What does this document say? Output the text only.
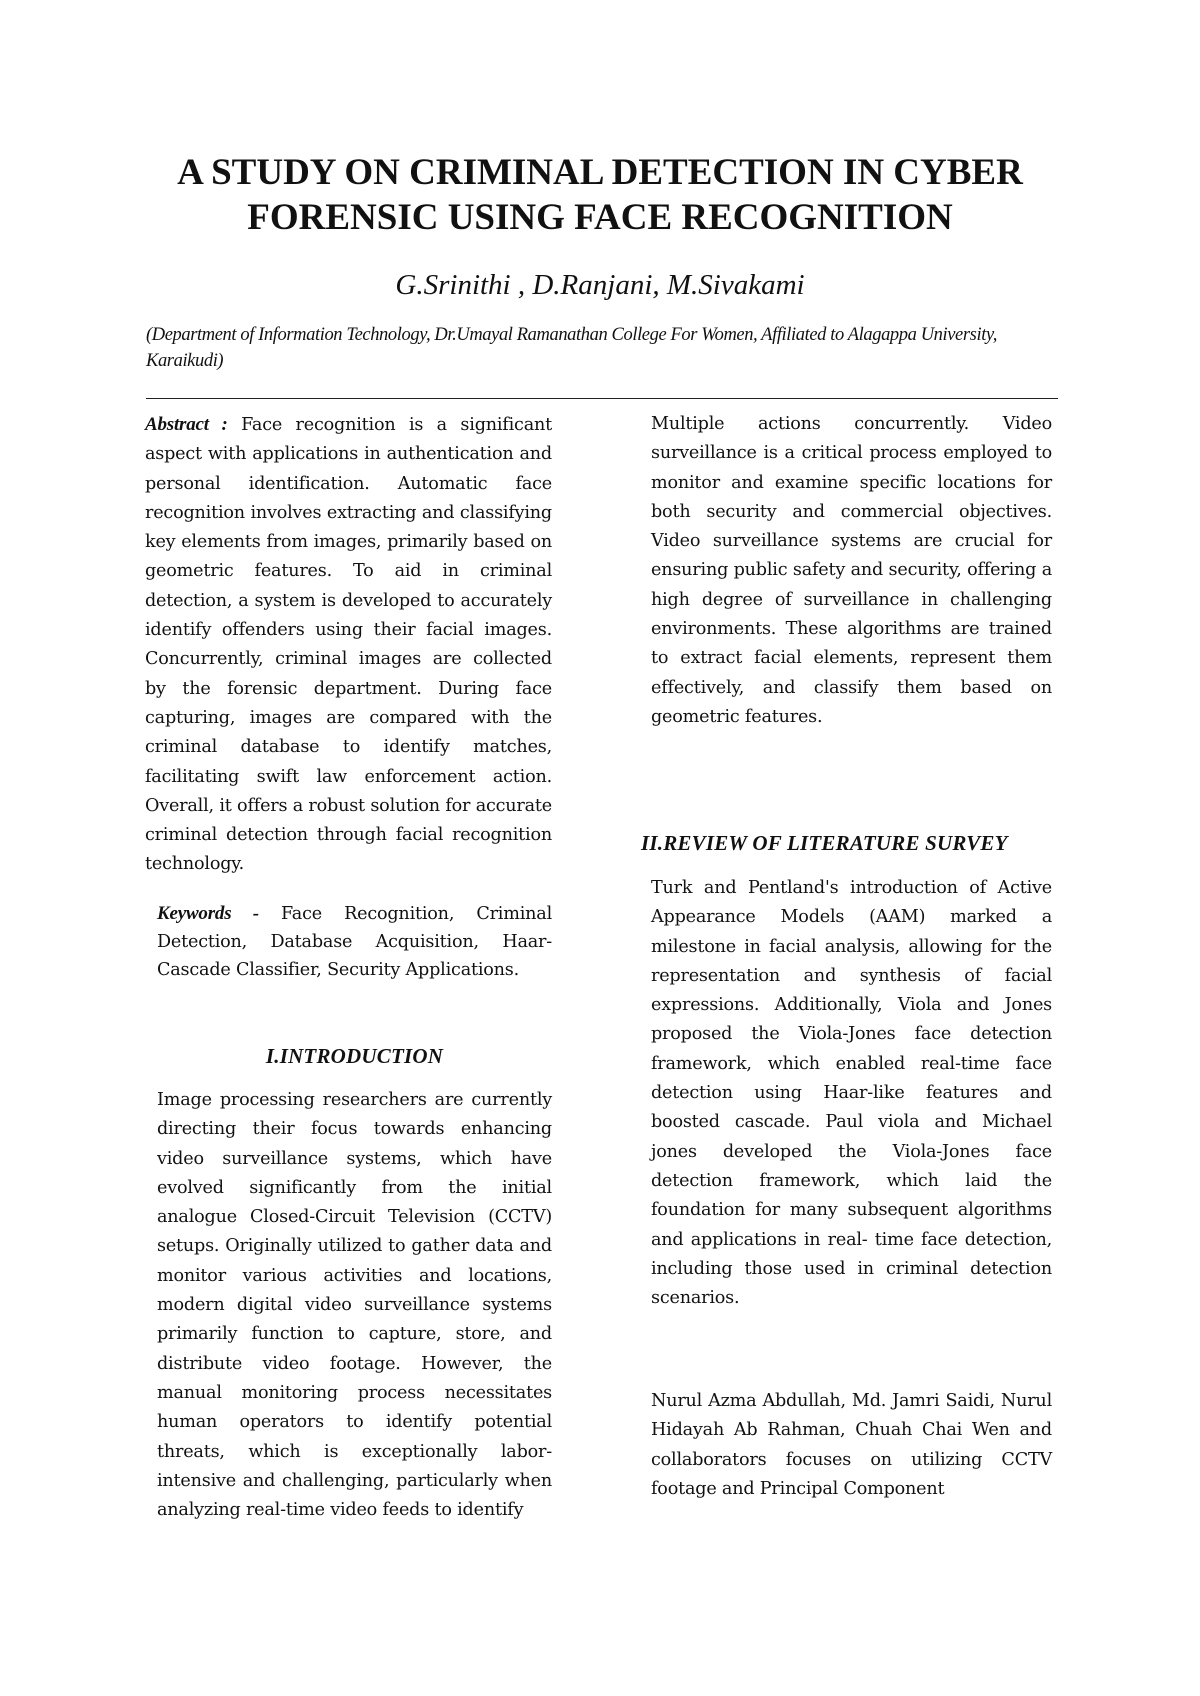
A STUDY ON CRIMINAL DETECTION IN CYBER FORENSIC USING FACE RECOGNITION
G.Srinithi , D.Ranjani, M.Sivakami
(Department of Information Technology, Dr.Umayal Ramanathan College For Women, Affiliated to Alagappa University, Karaikudi)

Abstract : Face recognition is a significant aspect with applications in authentication and personal identification. Automatic face recognition involves extracting and classifying key elements from images, primarily based on geometric features. To aid in criminal detection, a system is developed to accurately identify offenders using their facial images. Concurrently, criminal images are collected by the forensic department. During face capturing, images are compared with the criminal database to identify matches, facilitating swift law enforcement action. Overall, it offers a robust solution for accurate criminal detection through facial recognition technology.

Keywords - Face Recognition, Criminal Detection, Database Acquisition, Haar-Cascade Classifier, Security Applications.

I.INTRODUCTION

Image processing researchers are currently directing their focus towards enhancing video surveillance systems, which have evolved significantly from the initial analogue Closed-Circuit Television (CCTV) setups. Originally utilized to gather data and monitor various activities and locations, modern digital video surveillance systems primarily function to capture, store, and distribute video footage. However, the manual monitoring process necessitates human operators to identify potential threats, which is exceptionally labor-intensive and challenging, particularly when analyzing real-time video feeds to identify

Multiple actions concurrently. Video surveillance is a critical process employed to monitor and examine specific locations for both security and commercial objectives. Video surveillance systems are crucial for ensuring public safety and security, offering a high degree of surveillance in challenging environments. These algorithms are trained to extract facial elements, represent them effectively, and classify them based on geometric features.

II.REVIEW OF LITERATURE SURVEY

Turk and Pentland's introduction of Active Appearance Models (AAM) marked a milestone in facial analysis, allowing for the representation and synthesis of facial expressions. Additionally, Viola and Jones proposed the Viola-Jones face detection framework, which enabled real-time face detection using Haar-like features and boosted cascade. Paul viola and Michael jones developed the Viola-Jones face detection framework, which laid the foundation for many subsequent algorithms and applications in real- time face detection, including those used in criminal detection scenarios.

Nurul Azma Abdullah, Md. Jamri Saidi, Nurul Hidayah Ab Rahman, Chuah Chai Wen and collaborators focuses on utilizing CCTV footage and Principal Component
